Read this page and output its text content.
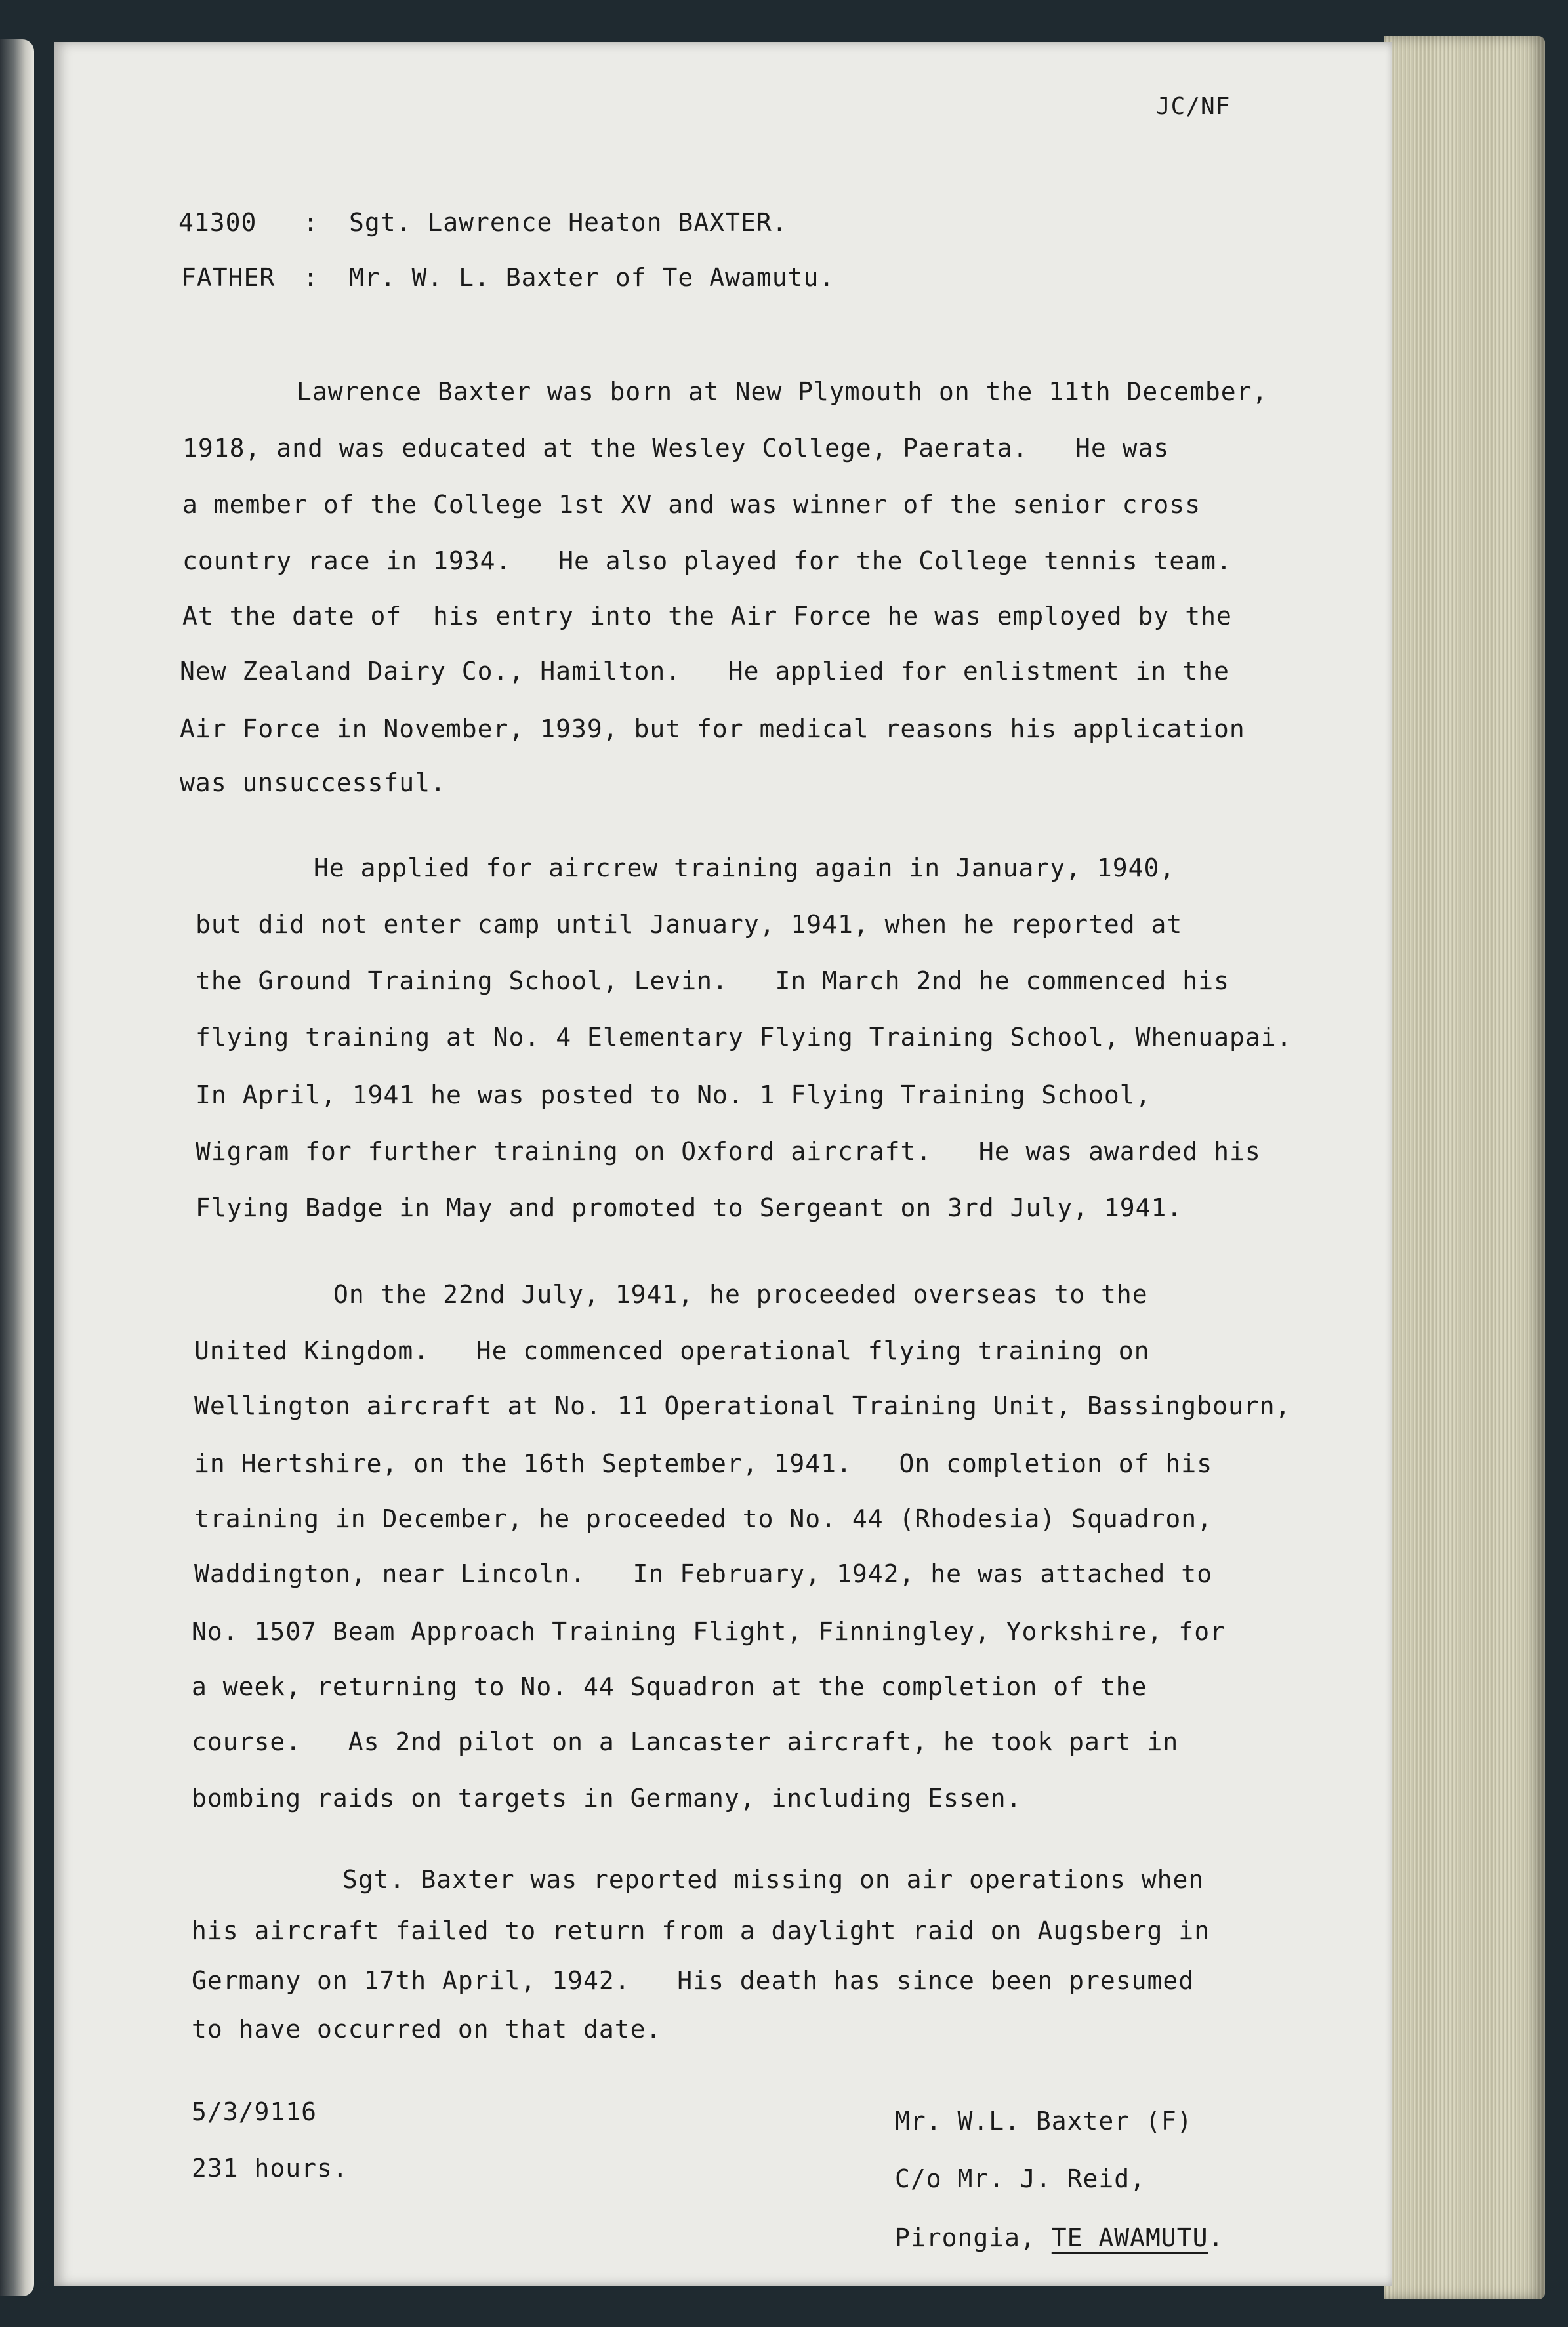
JC/NF
41300 : Sgt. Lawrence Heaton BAXTER.
FATHER : Mr. W. L. Baxter of Te Awamutu.
Lawrence Baxter was born at New Plymouth on the 11th December,
1918, and was educated at the Wesley College, Paerata.   He was
a member of the College 1st XV and was winner of the senior cross
country race in 1934.   He also played for the College tennis team.
At the date of  his entry into the Air Force he was employed by the
New Zealand Dairy Co., Hamilton.   He applied for enlistment in the
Air Force in November, 1939, but for medical reasons his application
was unsuccessful.
He applied for aircrew training again in January, 1940,
but did not enter camp until January, 1941, when he reported at
the Ground Training School, Levin.   In March 2nd he commenced his
flying training at No. 4 Elementary Flying Training School, Whenuapai.
In April, 1941 he was posted to No. 1 Flying Training School,
Wigram for further training on Oxford aircraft.   He was awarded his
Flying Badge in May and promoted to Sergeant on 3rd July, 1941.
On the 22nd July, 1941, he proceeded overseas to the
United Kingdom.   He commenced operational flying training on
Wellington aircraft at No. 11 Operational Training Unit, Bassingbourn,
in Hertshire, on the 16th September, 1941.   On completion of his
training in December, he proceeded to No. 44 (Rhodesia) Squadron,
Waddington, near Lincoln.   In February, 1942, he was attached to
No. 1507 Beam Approach Training Flight, Finningley, Yorkshire, for
a week, returning to No. 44 Squadron at the completion of the
course.   As 2nd pilot on a Lancaster aircraft, he took part in
bombing raids on targets in Germany, including Essen.
Sgt. Baxter was reported missing on air operations when
his aircraft failed to return from a daylight raid on Augsberg in
Germany on 17th April, 1942.   His death has since been presumed
to have occurred on that date.
5/3/9116
231 hours.
Mr. W.L. Baxter (F)
C/o Mr. J. Reid,
Pirongia, TE AWAMUTU.
